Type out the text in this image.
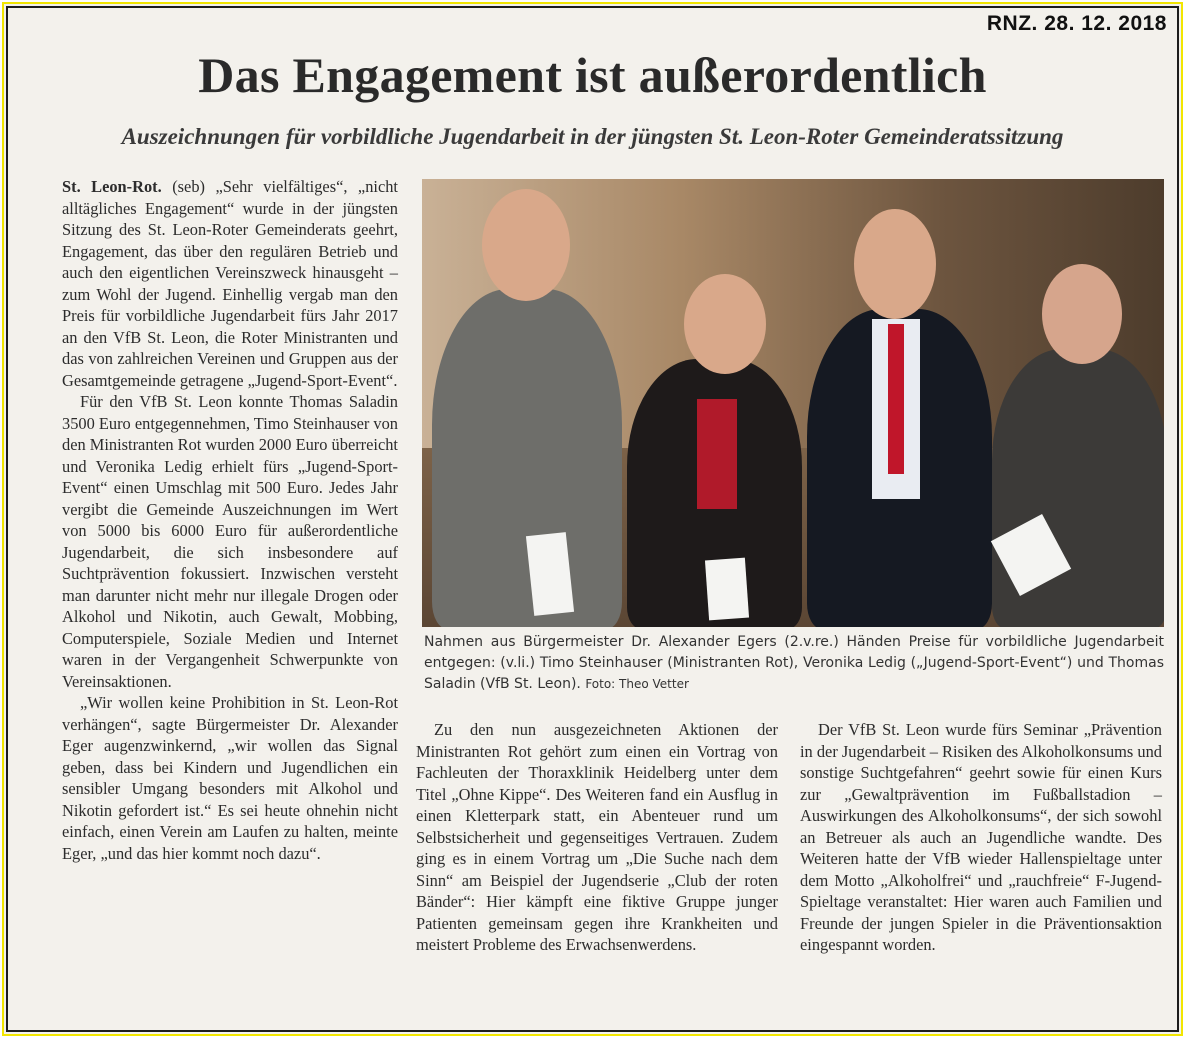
RNZ. 28. 12. 2018
Das Engagement ist außerordentlich
Auszeichnungen für vorbildliche Jugendarbeit in der jüngsten St. Leon-Roter Gemeinderatssitzung

St. Leon-Rot. (seb) „Sehr vielfältiges“, „nicht alltägliches Engagement“ wurde in der jüngsten Sitzung des St. Leon-Roter Gemeinderats geehrt, Engagement, das über den regulären Betrieb und auch den eigentlichen Vereinszweck hinausgeht – zum Wohl der Jugend. Einhellig vergab man den Preis für vorbildliche Jugendarbeit fürs Jahr 2017 an den VfB St. Leon, die Roter Ministranten und das von zahlreichen Vereinen und Gruppen aus der Gesamtgemeinde getragene „Jugend-Sport-Event“.

Für den VfB St. Leon konnte Thomas Saladin 3500 Euro entgegennehmen, Timo Steinhauser von den Ministranten Rot wurden 2000 Euro überreicht und Veronika Ledig erhielt fürs „Jugend-Sport-Event“ einen Umschlag mit 500 Euro. Jedes Jahr vergibt die Gemeinde Auszeichnungen im Wert von 5000 bis 6000 Euro für außerordentliche Jugendarbeit, die sich insbesondere auf Suchtprävention fokussiert. Inzwischen versteht man darunter nicht mehr nur illegale Drogen oder Alkohol und Nikotin, auch Gewalt, Mobbing, Computerspiele, Soziale Medien und Internet waren in der Vergangenheit Schwerpunkte von Vereinsaktionen.

„Wir wollen keine Prohibition in St. Leon-Rot verhängen“, sagte Bürgermeister Dr. Alexander Eger augenzwinkernd, „wir wollen das Signal geben, dass bei Kindern und Jugendlichen ein sensibler Umgang besonders mit Alkohol und Nikotin gefordert ist.“ Es sei heute ohnehin nicht einfach, einen Verein am Laufen zu halten, meinte Eger, „und das hier kommt noch dazu“.

Nahmen aus Bürgermeister Dr. Alexander Egers (2.v.re.) Händen Preise für vorbildliche Jugendarbeit entgegen: (v.li.) Timo Steinhauser (Ministranten Rot), Veronika Ledig („Jugend-Sport-Event“) und Thomas Saladin (VfB St. Leon). Foto: Theo Vetter

Zu den nun ausgezeichneten Aktionen der Ministranten Rot gehört zum einen ein Vortrag von Fachleuten der Thoraxklinik Heidelberg unter dem Titel „Ohne Kippe“. Des Weiteren fand ein Ausflug in einen Kletterpark statt, ein Abenteuer rund um Selbstsicherheit und gegenseitiges Vertrauen. Zudem ging es in einem Vortrag um „Die Suche nach dem Sinn“ am Beispiel der Jugendserie „Club der roten Bänder“: Hier kämpft eine fiktive Gruppe junger Patienten gemeinsam gegen ihre Krankheiten und meistert Probleme des Erwachsenwerdens.

Der VfB St. Leon wurde fürs Seminar „Prävention in der Jugendarbeit – Risiken des Alkoholkonsums und sonstige Suchtgefahren“ geehrt sowie für einen Kurs zur „Gewaltprävention im Fußballstadion – Auswirkungen des Alkoholkonsums“, der sich sowohl an Betreuer als auch an Jugendliche wandte. Des Weiteren hatte der VfB wieder Hallenspieltage unter dem Motto „Alkoholfrei“ und „rauchfreie“ F-Jugend-Spieltage veranstaltet: Hier waren auch Familien und Freunde der jungen Spieler in die Präventionsaktion eingespannt worden.
